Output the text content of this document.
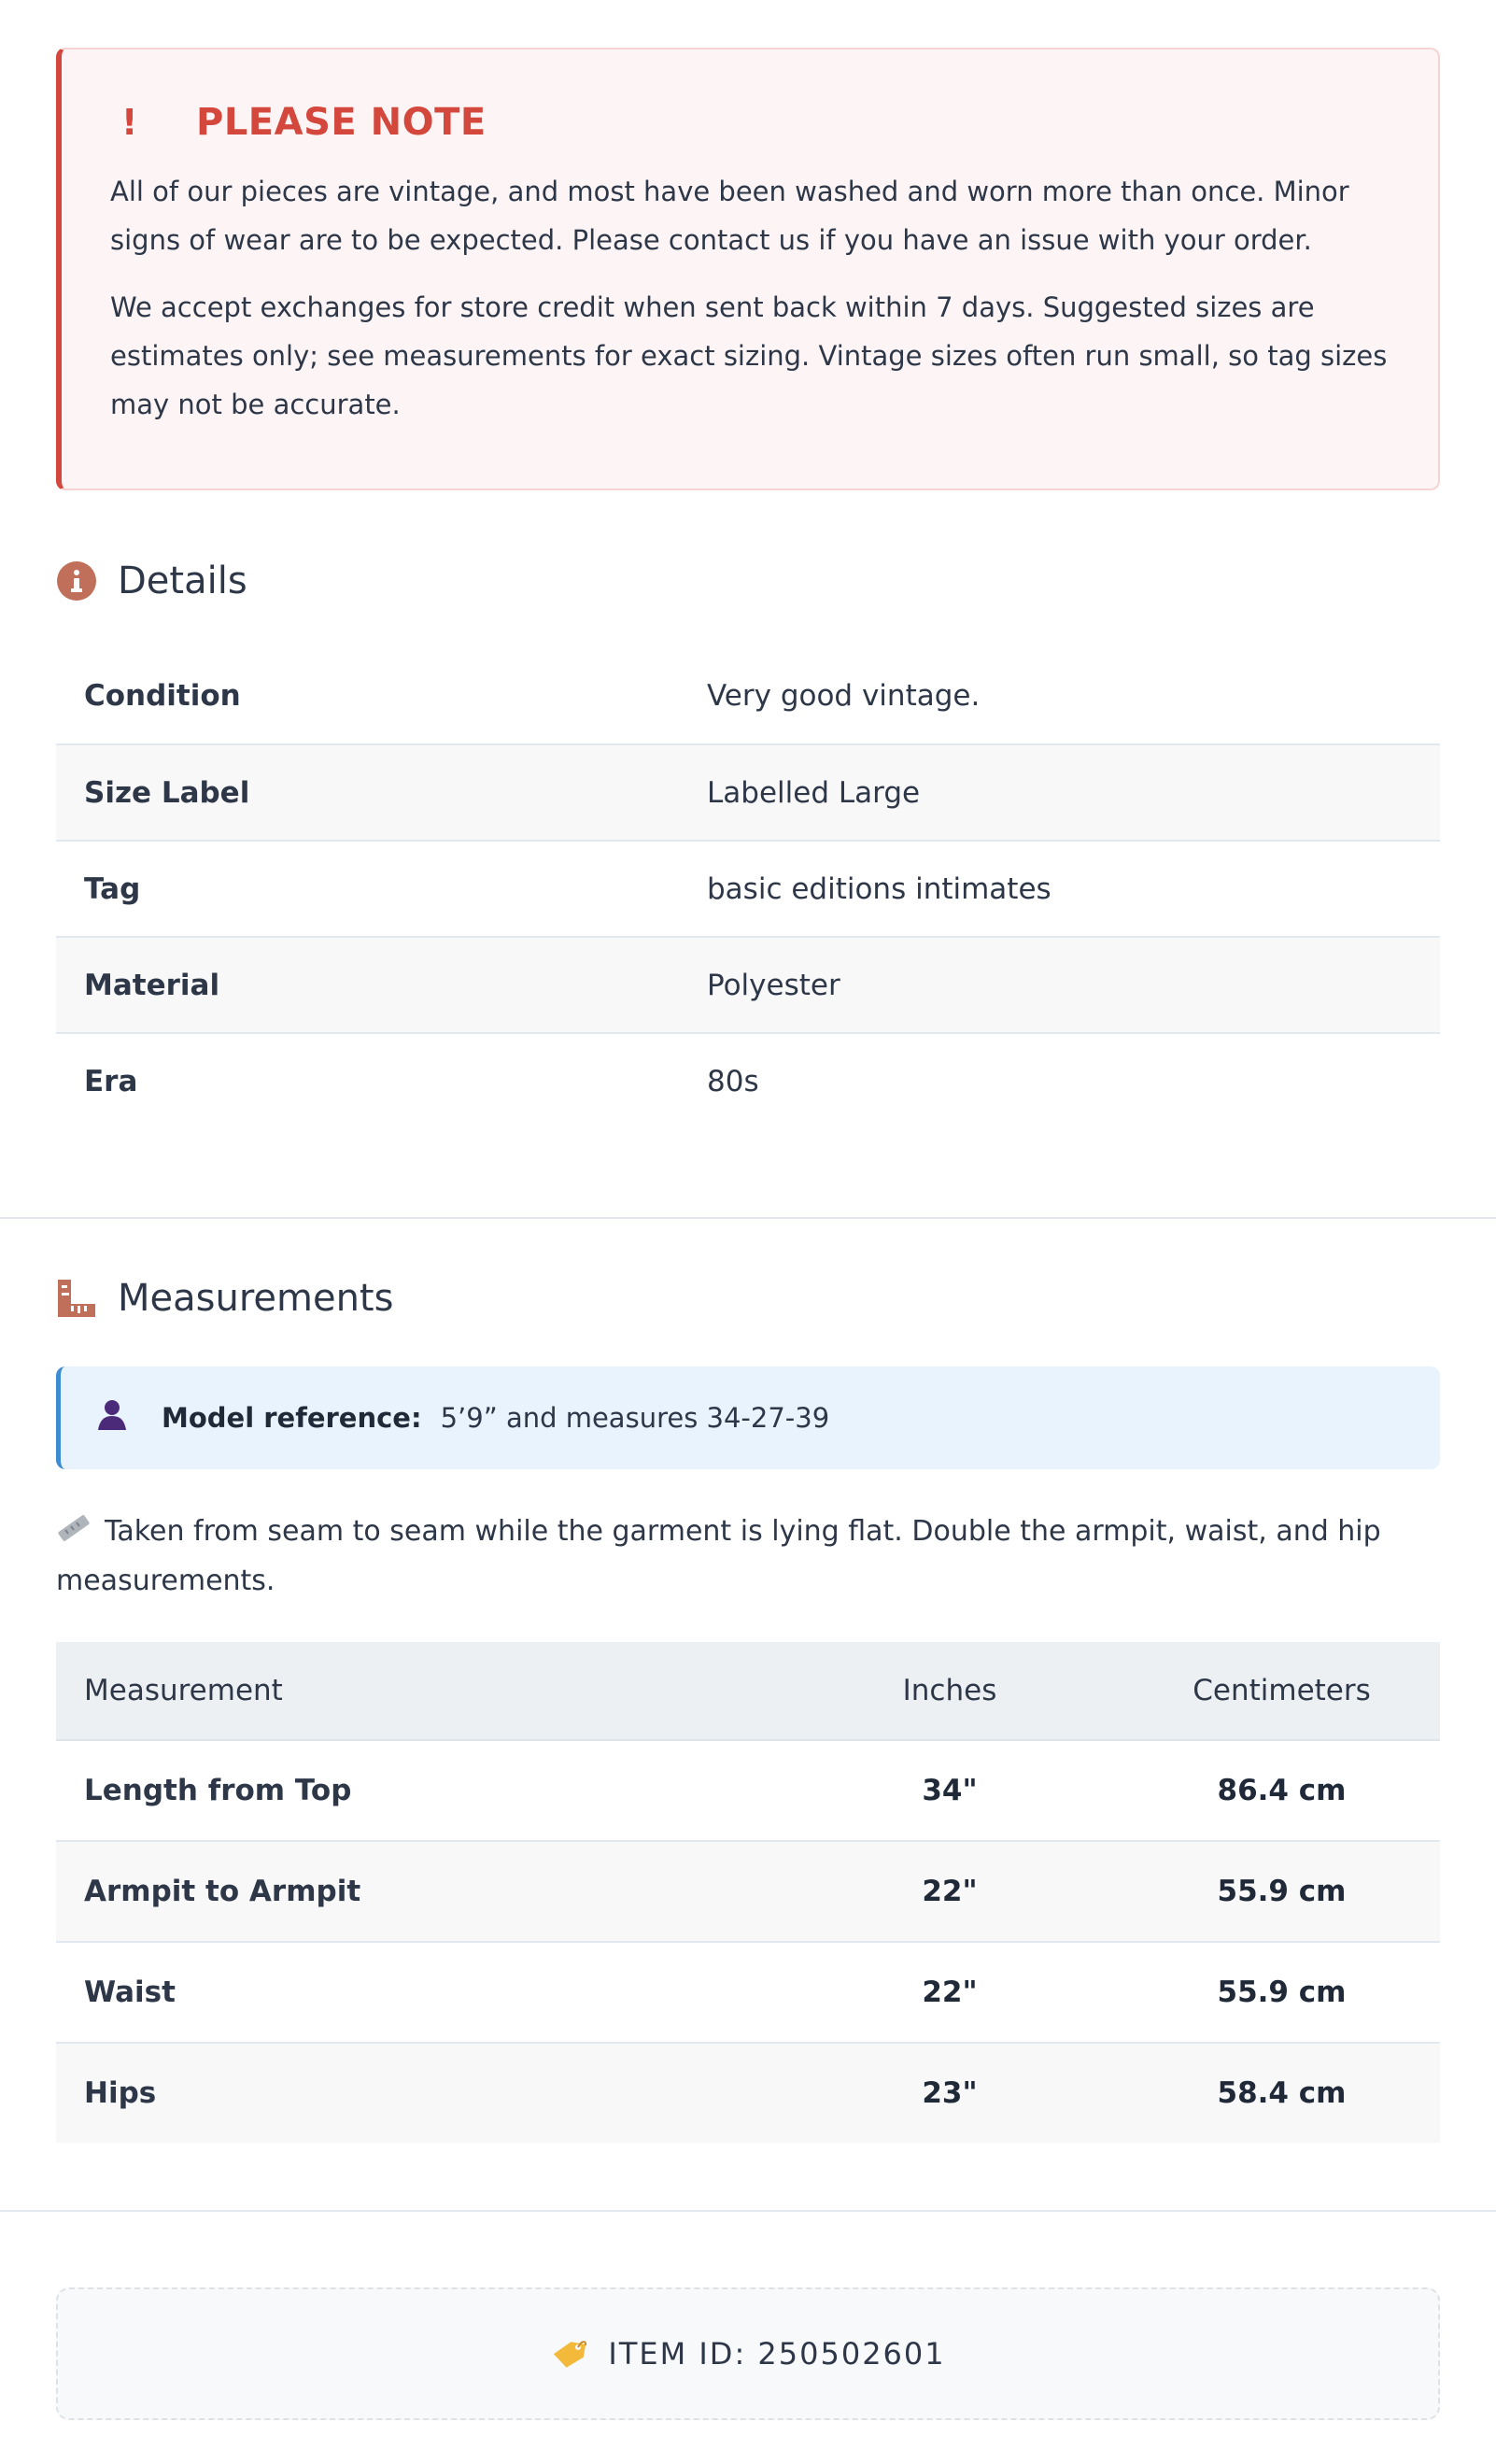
!	PLEASE NOTE

All of our pieces are vintage, and most have been washed and worn more than once. Minor signs of wear are to be expected. Please contact us if you have an issue with your order.

We accept exchanges for store credit when sent back within 7 days. Suggested sizes are estimates only; see measurements for exact sizing. Vintage sizes often run small, so tag sizes may not be accurate.

Details
Condition	Very good vintage.
Size Label	Labelled Large
Tag	basic editions intimates
Material	Polyester
Era	80s
Measurements
Model reference: 5’9” and measures 34-27-39
Taken from seam to seam while the garment is lying flat. Double the armpit, waist, and hip measurements.
Measurement	Inches	Centimeters
Length from Top	34"	86.4 cm
Armpit to Armpit	22"	55.9 cm
Waist	22"	55.9 cm
Hips	23"	58.4 cm
ITEM ID: 250502601
